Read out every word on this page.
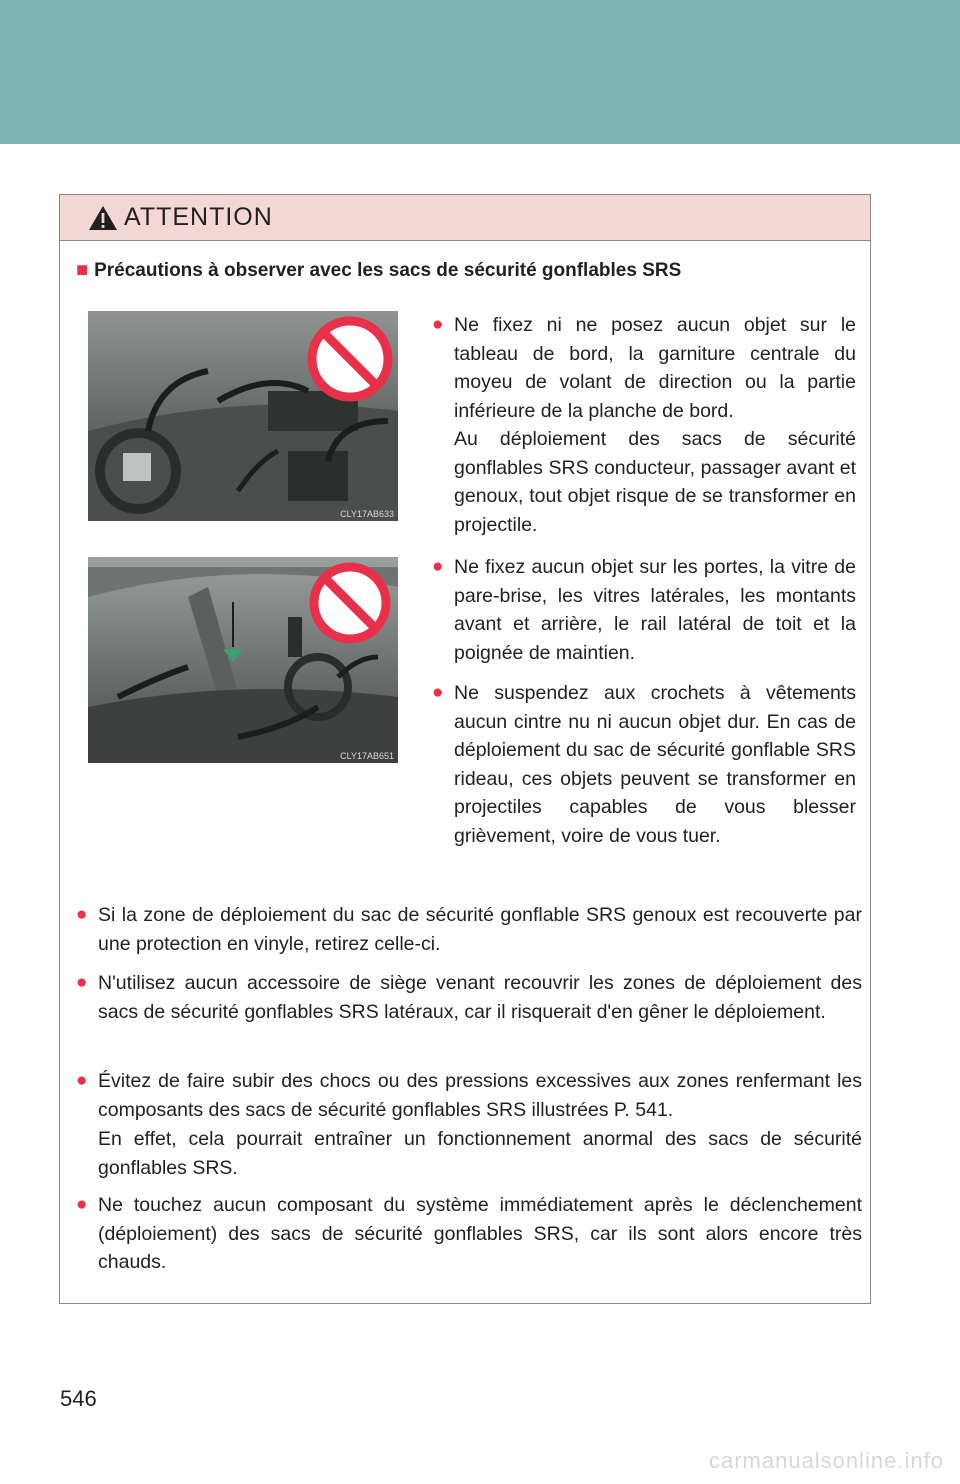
ATTENTION
■ Précautions à observer avec les sacs de sécurité gonflables SRS
CLY17AB633
CLY17AB651
● Ne fixez ni ne posez aucun objet sur le tableau de bord, la garniture centrale du moyeu de volant de direction ou la partie inférieure de la planche de bord.
Au déploiement des sacs de sécurité gonflables SRS conducteur, passager avant et genoux, tout objet risque de se transformer en projectile.
● Ne fixez aucun objet sur les portes, la vitre de pare-brise, les vitres latérales, les montants avant et arrière, le rail latéral de toit et la poignée de maintien.
● Ne suspendez aux crochets à vêtements aucun cintre nu ni aucun objet dur. En cas de déploiement du sac de sécurité gonflable SRS rideau, ces objets peuvent se transformer en projectiles capables de vous blesser grièvement, voire de vous tuer.
● Si la zone de déploiement du sac de sécurité gonflable SRS genoux est recouverte par une protection en vinyle, retirez celle-ci.
● N'utilisez aucun accessoire de siège venant recouvrir les zones de déploiement des sacs de sécurité gonflables SRS latéraux, car il risquerait d'en gêner le déploiement.
● Évitez de faire subir des chocs ou des pressions excessives aux zones renfermant les composants des sacs de sécurité gonflables SRS illustrées P. 541.
En effet, cela pourrait entraîner un fonctionnement anormal des sacs de sécurité gonflables SRS.
● Ne touchez aucun composant du système immédiatement après le déclenchement (déploiement) des sacs de sécurité gonflables SRS, car ils sont alors encore très chauds.
546
carmanualsonline.info
